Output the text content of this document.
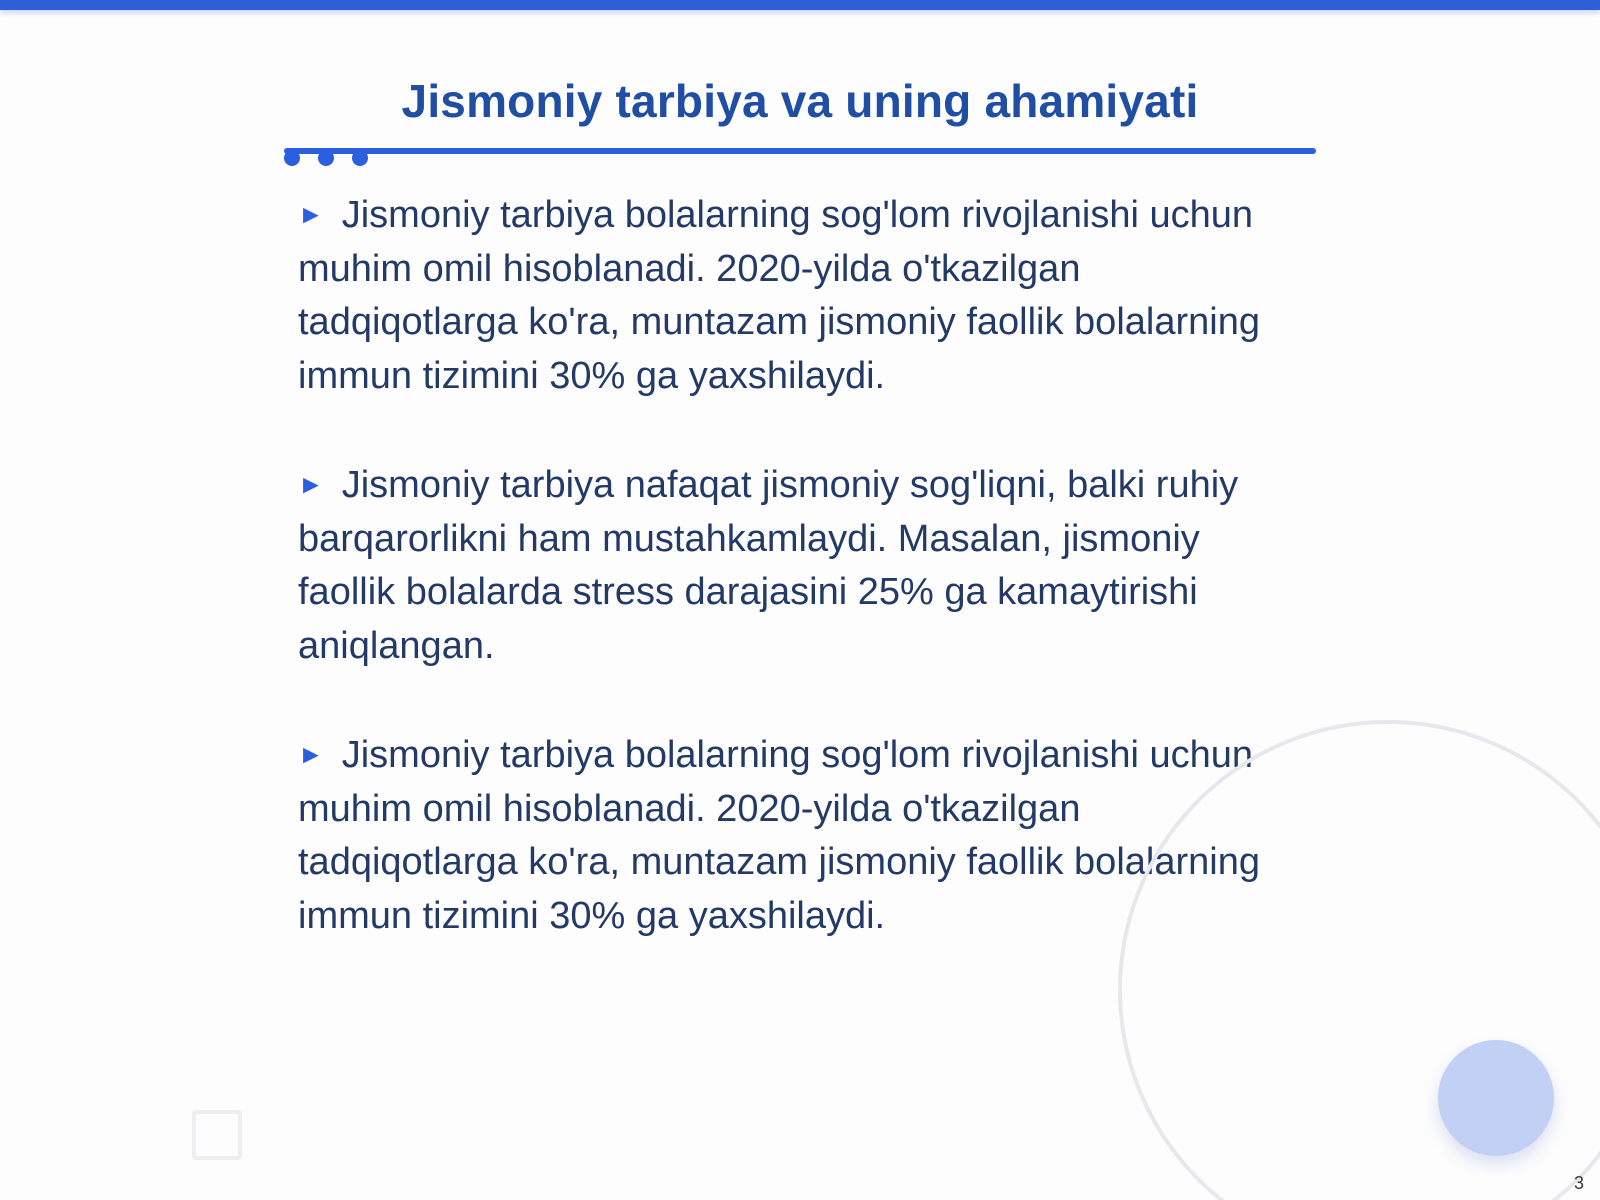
Jismoniy tarbiya va uning ahamiyati
► Jismoniy tarbiya bolalarning sog'lom rivojlanishi uchun muhim omil hisoblanadi. 2020-yilda o'tkazilgan tadqiqotlarga ko'ra, muntazam jismoniy faollik bolalarning immun tizimini 30% ga yaxshilaydi.
► Jismoniy tarbiya nafaqat jismoniy sog'liqni, balki ruhiy barqarorlikni ham mustahkamlaydi. Masalan, jismoniy faollik bolalarda stress darajasini 25% ga kamaytirishi aniqlangan.
► Jismoniy tarbiya bolalarning sog'lom rivojlanishi uchun muhim omil hisoblanadi. 2020-yilda o'tkazilgan tadqiqotlarga ko'ra, muntazam jismoniy faollik bolalarning immun tizimini 30% ga yaxshilaydi.
3
